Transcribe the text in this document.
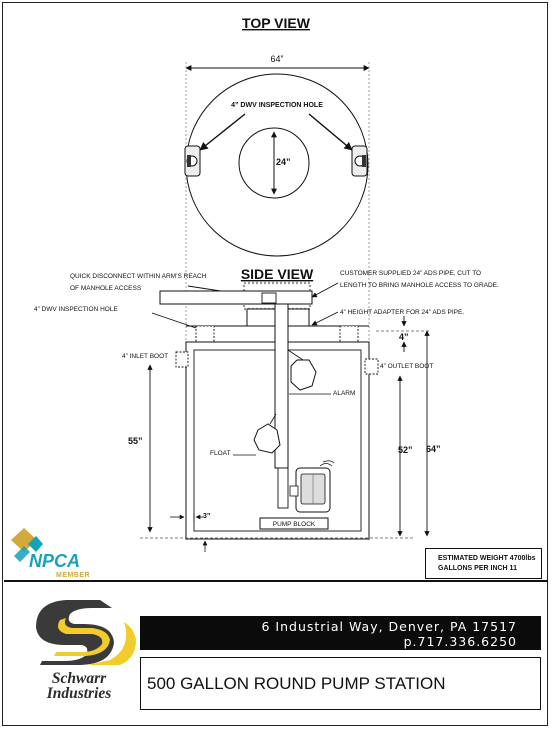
TOP VIEW
64”
24”
4” DWV INSPECTION HOLE
SIDE VIEW
QUICK DISCONNECT WITHIN ARM’S REACH
OF MANHOLE ACCESS
CUSTOMER SUPPLIED 24” ADS PIPE, CUT TO
LENGTH TO BRING MANHOLE ACCESS TO GRADE.
4” HEIGHT ADAPTER FOR 24” ADS PIPE.
4” DWV INSPECTION HOLE
4” INLET BOOT
4” OUTLET BOOT
ALARM
FLOAT
PUMP BLOCK
4”
55”
52” 64”
3”
NPCA
MEMBER
Schwarr
Industries
ESTIMATED WEIGHT 4700lbs
GALLONS PER INCH 11
6 Industrial Way, Denver, PA 17517
p.717.336.6250
500 GALLON ROUND PUMP STATION
